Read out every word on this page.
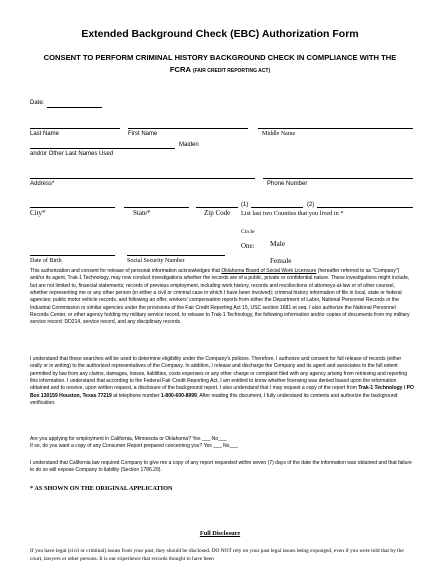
Extended Background Check (EBC) Authorization Form
CONSENT TO PERFORM CRIMINAL HISTORY BACKGROUND CHECK IN COMPLIANCE WITH THE
FCRA (FAIR CREDIT REPORTING ACT)
Date:
Last Name	First Name	Middle Name
Maiden
and/or Other Last Names Used
Address*	Phone Number
(1)	(2)
City*	State*	Zip Code List last two Counties that you lived in *
Circle
One: Male
Female
Date of Birth	Social Security Number

This authorization and consent for release of personal information acknowledges that Oklahoma Board of Social Work Licensure (hereafter referred to as "Company") and/or its agent, Trak-1 Technology, may now conduct investigations whether the records are of a public, private or confidential nature. These investigations might include, but are not limited to, financial statements; records of previous employment, including work history, records and recollections of attorneys-at-law or of other counsel, whether representing me or any other person (in either a civil or criminal case in which I have been involved); criminal history information of file in local, state or federal agencies; public motor vehicle records, and following an offer, workers' compensation reports from either the Department of Labor, National Personnel Records or the Industrial Commission or similar agencies under the provisions of the Fair Credit Reporting Act 15, USC section 1681 et seq. I also authorize the National Personnel Records Center, or other agency holding my military service record, to release to Trak-1 Technology, the following information and/or copies of documents from my military service record: DD214, service record, and any disciplinary records.

I understand that these searches will be used to determine eligibility under the Company's policies. Therefore, I authorize and consent for full release of records (either orally or in writing) to the authorized representatives of the Company. In addition, I release and discharge the Company and its agent and associates to the full extent permitted by law from any claims, damages, losses, liabilities, costs expenses or any other charge or complaint filed with any agency arising from retrieving and reporting this information. I understand that according to the Federal Fair Credit Reporting Act, I am entitled to know whether licensing was denied based upon the information obtained and to receive, upon written request, a disclosure of the background report. I also understand that I may request a copy of the report from Trak-1 Technology / PO Box 130159 Houston, Texas 77219 at telephone number 1-800-600-8999. After reading this document, I fully understand its contents and authorize the background verification.

Are you applying for employment in California, Minnesota or Oklahoma? Yes ___ No___

If so, do you want a copy of any Consumer Report prepared concerning you? Yes ___ No___

I understand that California law required Company to give me a copy of any report requested within seven (7) days of the date the information was obtained and that failure to do so will expose Company to liability (Section 1786.29).

* AS SHOWN ON THE ORIGINAL APPLICATION
Full Disclosure

If you have legal (civil or criminal) issues from your past, they should be disclosed. DO NOT rely on your past legal issues being expunged, even if you were told that by the court, lawyers or other persons. It is our experience that records thought to have been
